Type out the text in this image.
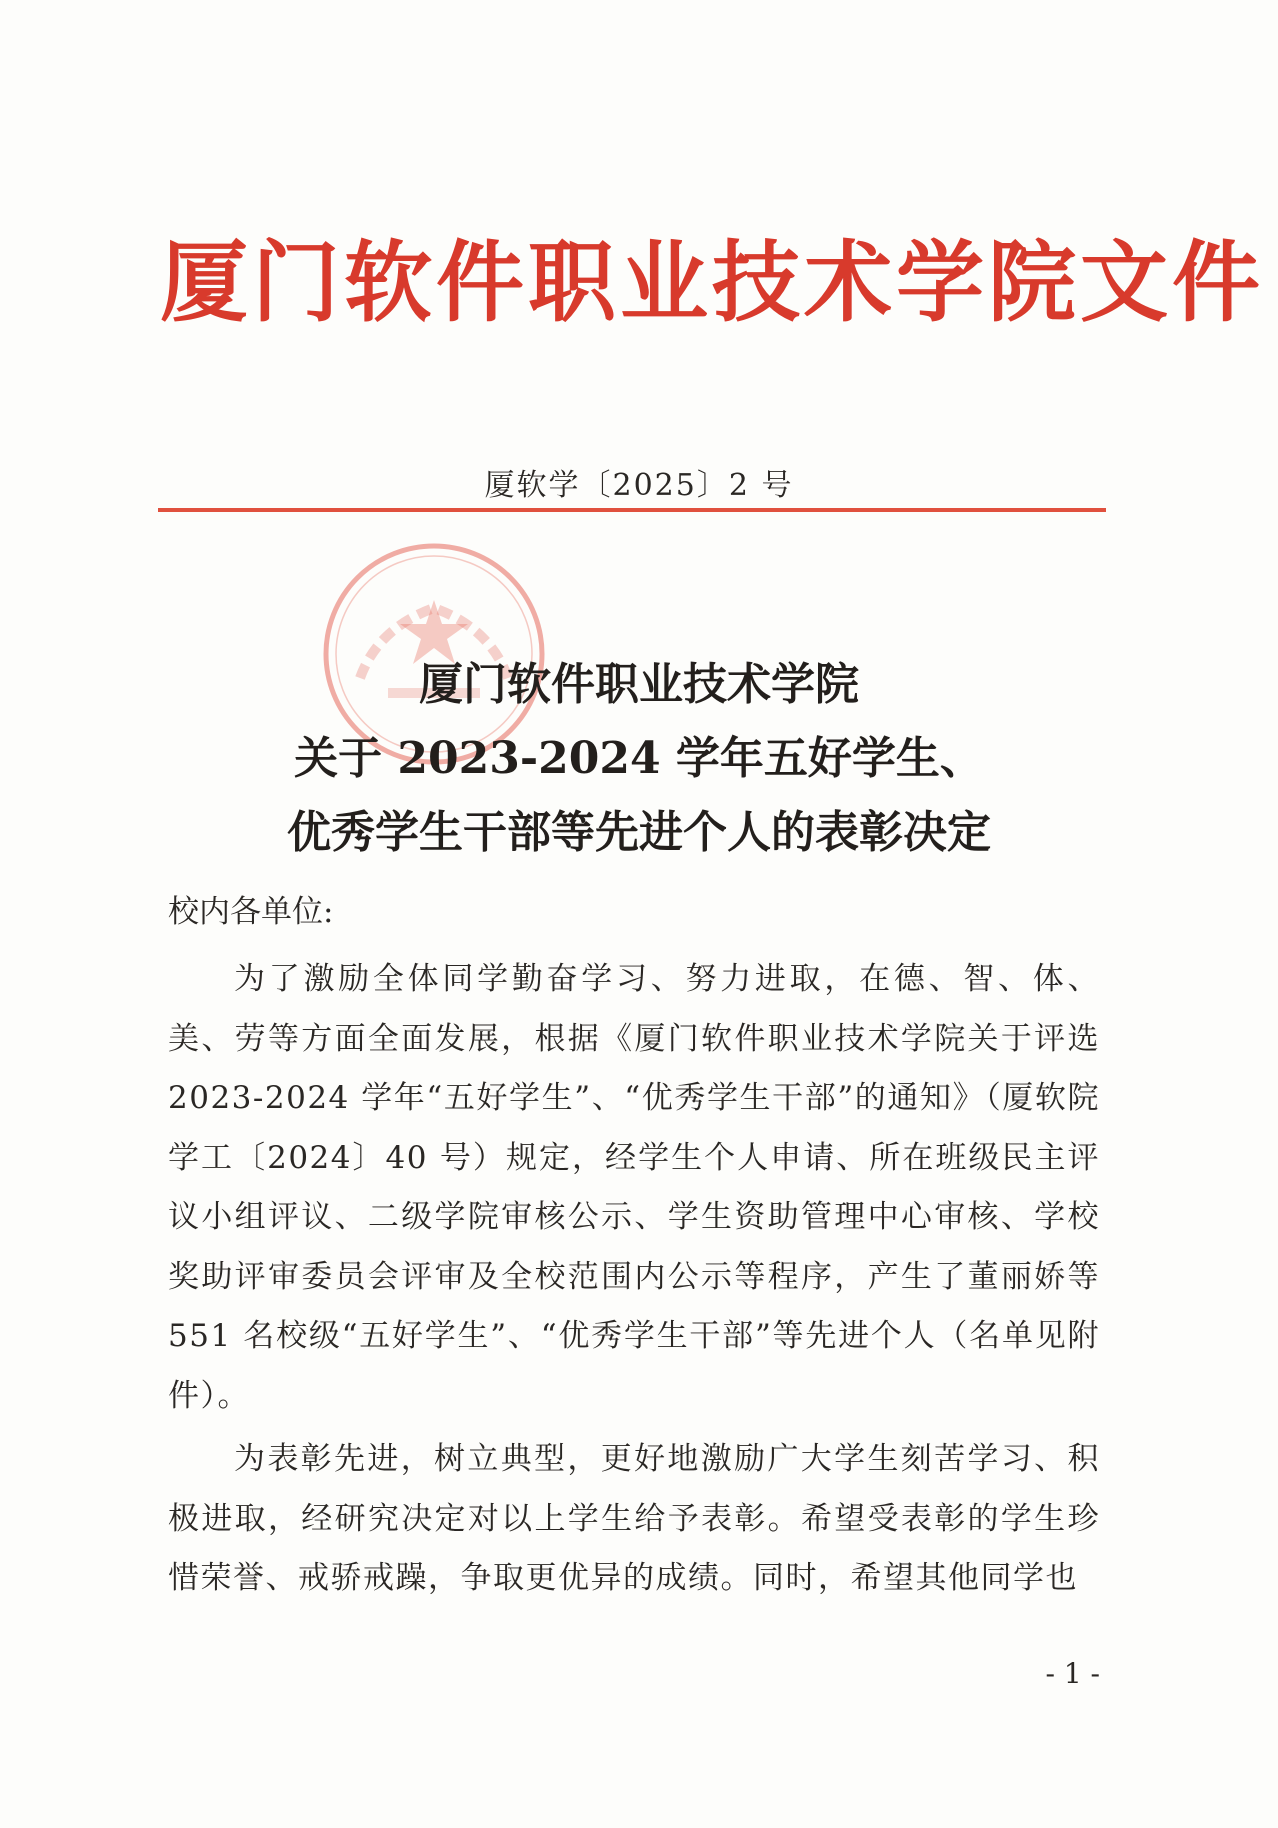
厦门软件职业技术学院文件
厦软学〔2025〕2 号
厦门软件职业技术学院
关于 2023-2024 学年五好学生、
优秀学生干部等先进个人的表彰决定
校内各单位:
为了激励全体同学勤奋学习、努力进取，在德、智、体、美、劳等方面全面发展，根据《厦门软件职业技术学院关于评选 2023-2024 学年“五好学生”、“优秀学生干部”的通知》（厦软院学工〔2024〕40 号）规定，经学生个人申请、所在班级民主评议小组评议、二级学院审核公示、学生资助管理中心审核、学校奖助评审委员会评审及全校范围内公示等程序，产生了董丽娇等 551 名校级“五好学生”、“优秀学生干部”等先进个人（名单见附件）。
为表彰先进，树立典型，更好地激励广大学生刻苦学习、积极进取，经研究决定对以上学生给予表彰。希望受表彰的学生珍惜荣誉、戒骄戒躁，争取更优异的成绩。同时，希望其他同学也
- 1 -
